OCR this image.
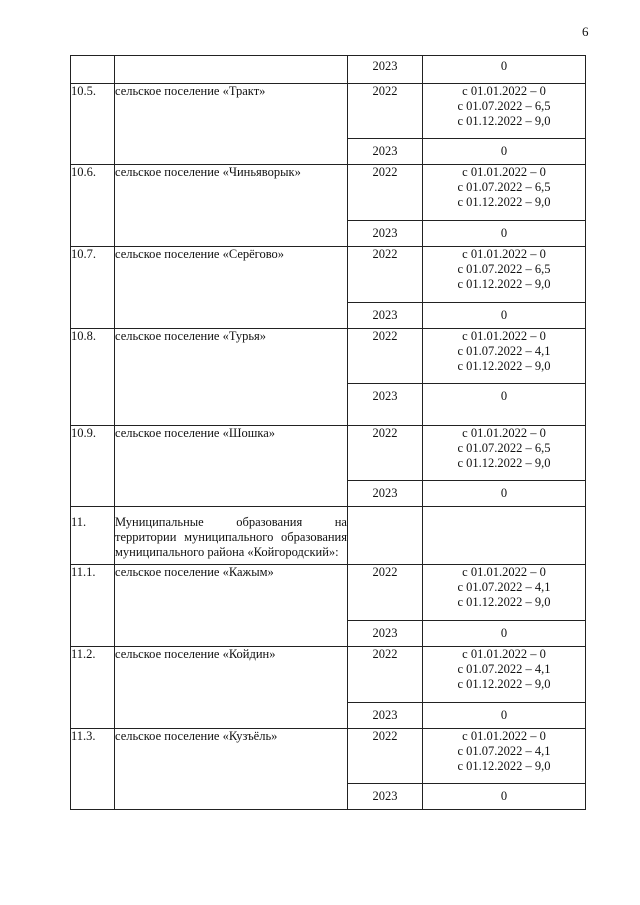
6
		2023	0
10.5.	сельское поселение «Тракт»	2022	с 01.01.2022 – 0
с 01.07.2022 – 6,5
с 01.12.2022 – 9,0

		2023	0
10.6.	сельское поселение «Чиньяворык»	2022	с 01.01.2022 – 0
с 01.07.2022 – 6,5
с 01.12.2022 – 9,0

		2023	0
10.7.	сельское поселение «Серёгово»	2022	с 01.01.2022 – 0
с 01.07.2022 – 6,5
с 01.12.2022 – 9,0

		2023	0
10.8.	сельское поселение «Турья»	2022	с 01.01.2022 – 0
с 01.07.2022 – 4,1
с 01.12.2022 – 9,0

		2023	0
10.9.	сельское поселение «Шошка»	2022	с 01.01.2022 – 0
с 01.07.2022 – 6,5
с 01.12.2022 – 9,0

		2023	0
11.	Муниципальные образования на территории муниципального образования муниципального района «Койгородский»:		
11.1.	сельское поселение «Кажым»	2022	с 01.01.2022 – 0
с 01.07.2022 – 4,1
с 01.12.2022 – 9,0

		2023	0
11.2.	сельское поселение «Койдин»	2022	с 01.01.2022 – 0
с 01.07.2022 – 4,1
с 01.12.2022 – 9,0

		2023	0
11.3.	сельское поселение «Кузъёль»	2022	с 01.01.2022 – 0
с 01.07.2022 – 4,1
с 01.12.2022 – 9,0

		2023	0
